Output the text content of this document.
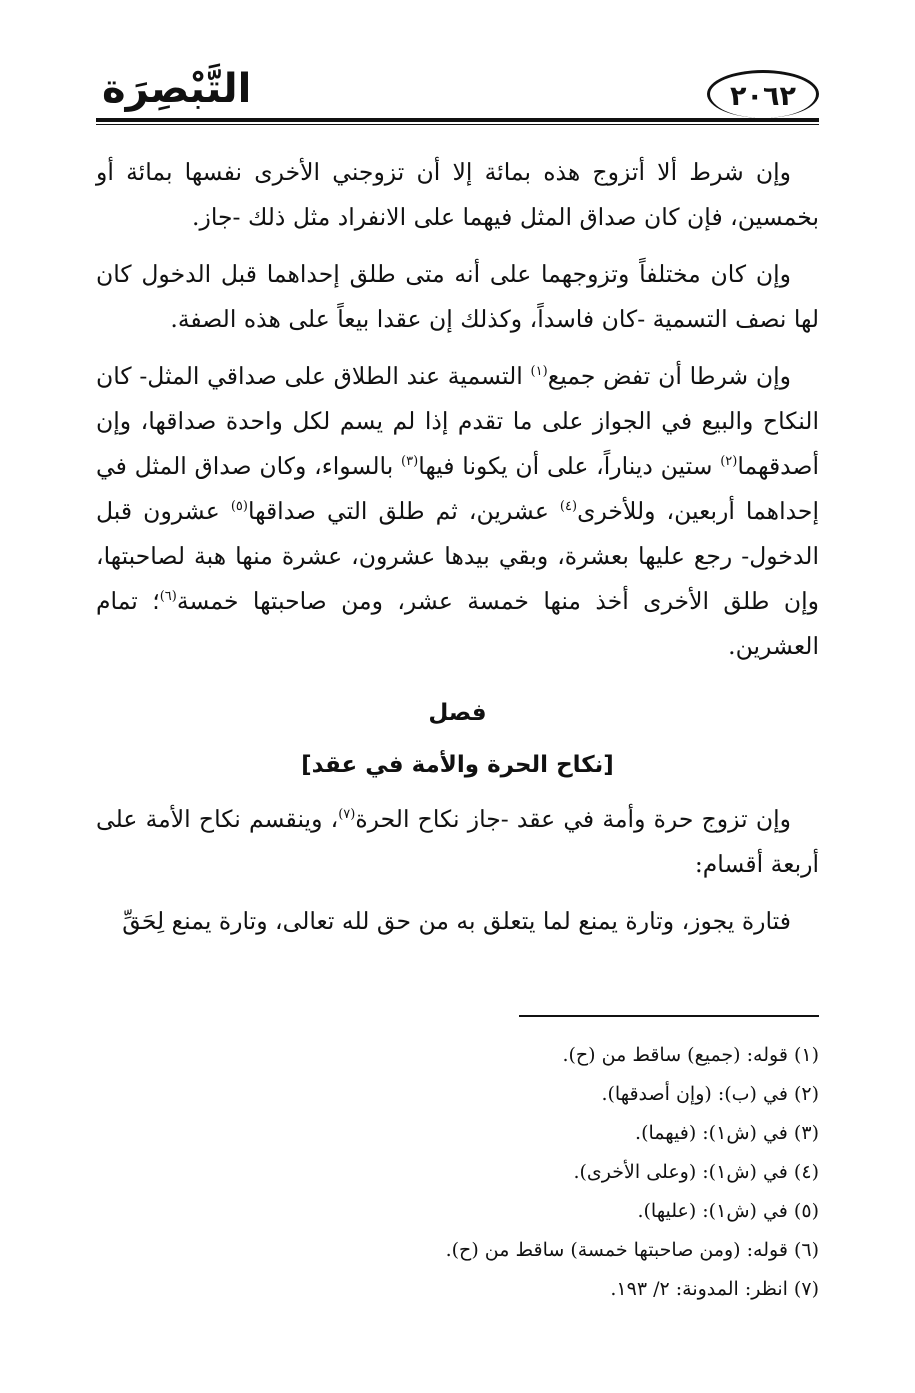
التَّبْصِرَة	٢٠٦٢

وإن شرط ألا أتزوج هذه بمائة إلا أن تزوجني الأخرى نفسها بمائة أو بخمسين، فإن كان صداق المثل فيهما على الانفراد مثل ذلك -جاز.

وإن كان مختلفاً وتزوجهما على أنه متى طلق إحداهما قبل الدخول كان لها نصف التسمية -كان فاسداً، وكذلك إن عقدا بيعاً على هذه الصفة.

وإن شرطا أن تفض جميع$^{(١)}$ التسمية عند الطلاق على صداقي المثل- كان النكاح والبيع في الجواز على ما تقدم إذا لم يسم لكل واحدة صداقها، وإن أصدقهما$^{(٢)}$ ستين ديناراً، على أن يكونا فيها$^{(٣)}$ بالسواء، وكان صداق المثل في إحداهما أربعين، وللأخرى$^{(٤)}$ عشرين، ثم طلق التي صداقها$^{(٥)}$ عشرون قبل الدخول- رجع عليها بعشرة، وبقي بيدها عشرون، عشرة منها هبة لصاحبتها، وإن طلق الأخرى أخذ منها خمسة عشر، ومن صاحبتها خمسة$^{(٦)}$؛ تمام العشرين.

فصل
[نكاح الحرة والأمة في عقد]

وإن تزوج حرة وأمة في عقد -جاز نكاح الحرة$^{(٧)}$، وينقسم نكاح الأمة على أربعة أقسام:

فتارة يجوز، وتارة يمنع لما يتعلق به من حق لله تعالى، وتارة يمنع لِحَقِّ

(١) قوله: (جميع) ساقط من (ح).
(٢) في (ب): (وإن أصدقها).
(٣) في (ش١): (فيهما).
(٤) في (ش١): (وعلى الأخرى).
(٥) في (ش١): (عليها).
(٦) قوله: (ومن صاحبتها خمسة) ساقط من (ح).
(٧) انظر: المدونة: ٢/ ١٩٣.
